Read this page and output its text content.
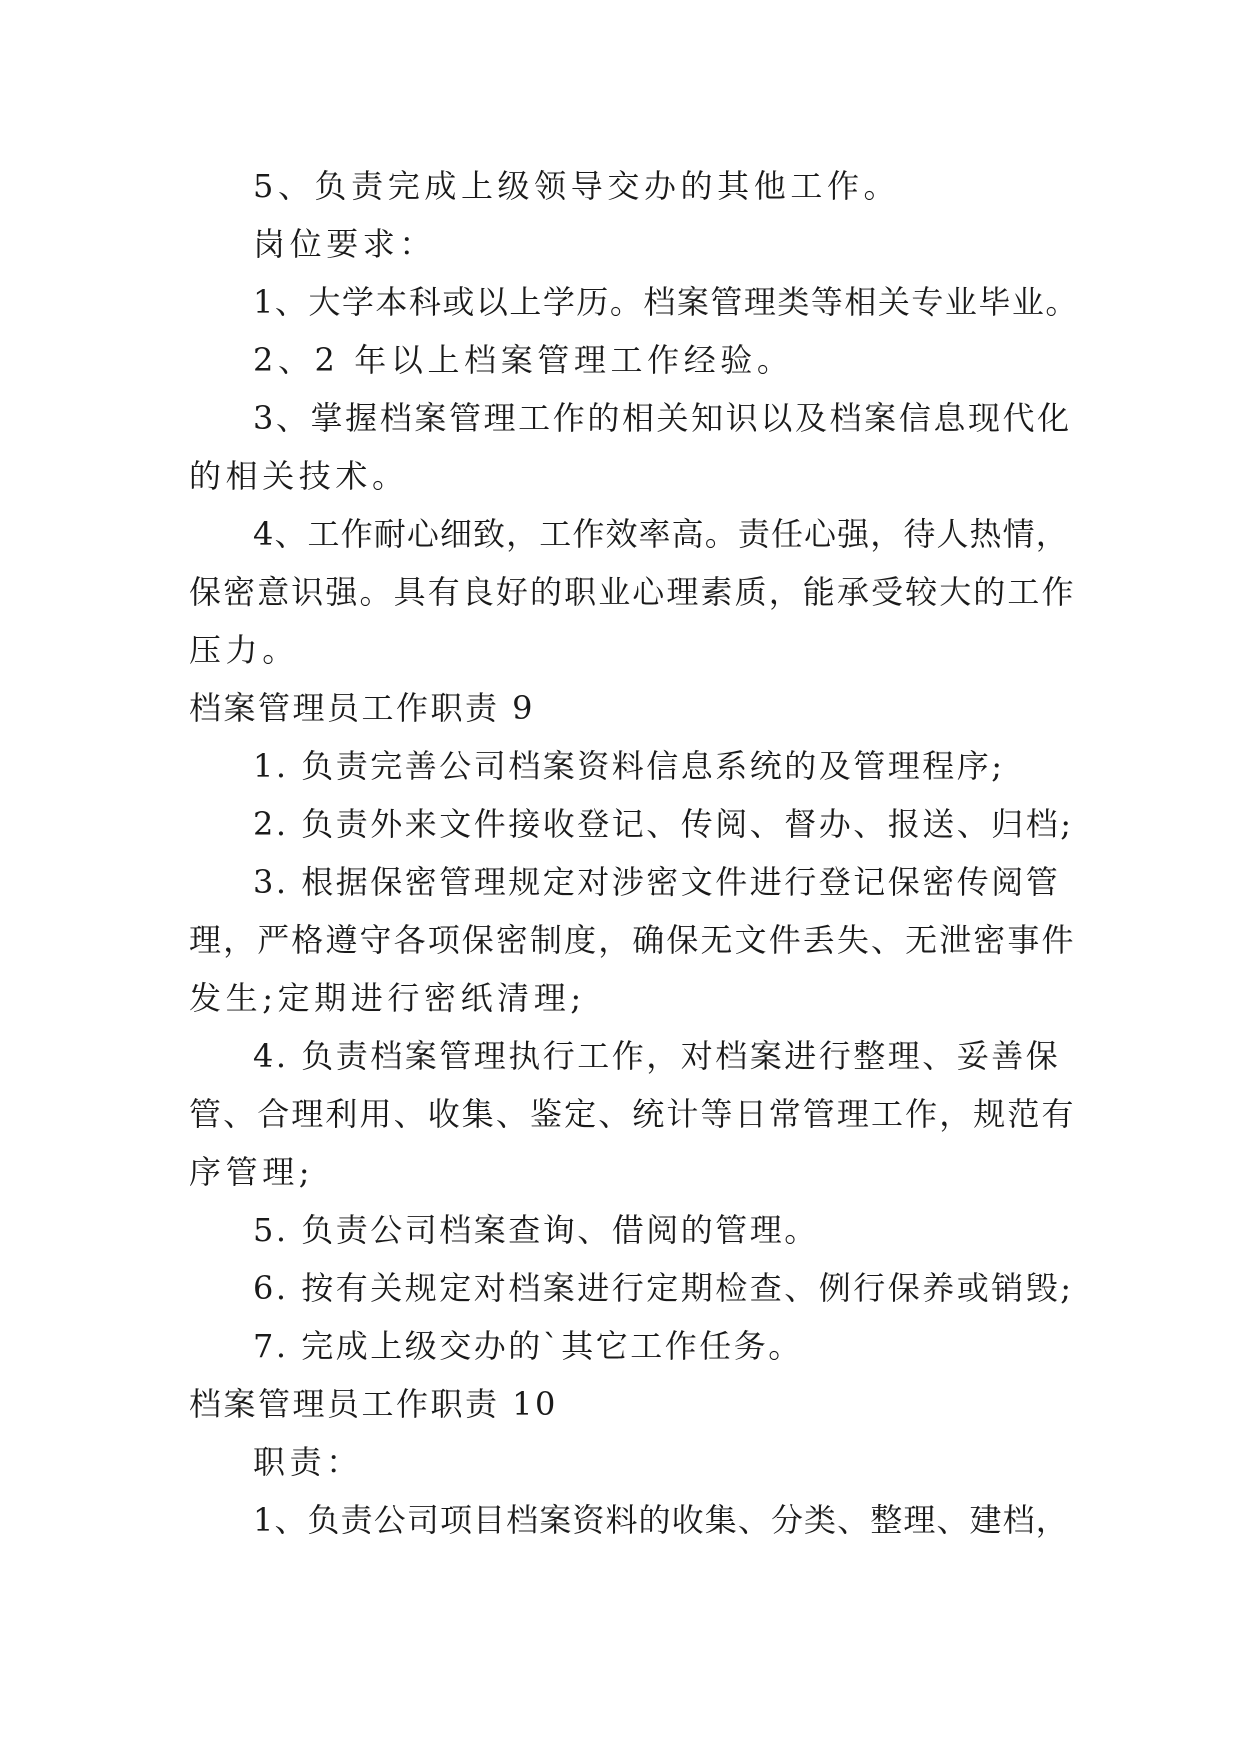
5、负责完成上级领导交办的其他工作。
岗位要求：
1、大学本科或以上学历。档案管理类等相关专业毕业。
2、2 年以上档案管理工作经验。
3、掌握档案管理工作的相关知识以及档案信息现代化
的相关技术。
4、工作耐心细致，工作效率高。责任心强，待人热情，
保密意识强。具有良好的职业心理素质，能承受较大的工作
压力。
档案管理员工作职责 9
1. 负责完善公司档案资料信息系统的及管理程序;
2. 负责外来文件接收登记、传阅、督办、报送、归档;
3. 根据保密管理规定对涉密文件进行登记保密传阅管
理，严格遵守各项保密制度，确保无文件丢失、无泄密事件
发生;定期进行密纸清理;
4. 负责档案管理执行工作，对档案进行整理、妥善保
管、合理利用、收集、鉴定、统计等日常管理工作，规范有
序管理;
5. 负责公司档案查询、借阅的管理。
6. 按有关规定对档案进行定期检查、例行保养或销毁;
7. 完成上级交办的`其它工作任务。
档案管理员工作职责 10
职责：
1、负责公司项目档案资料的收集、分类、整理、建档，
